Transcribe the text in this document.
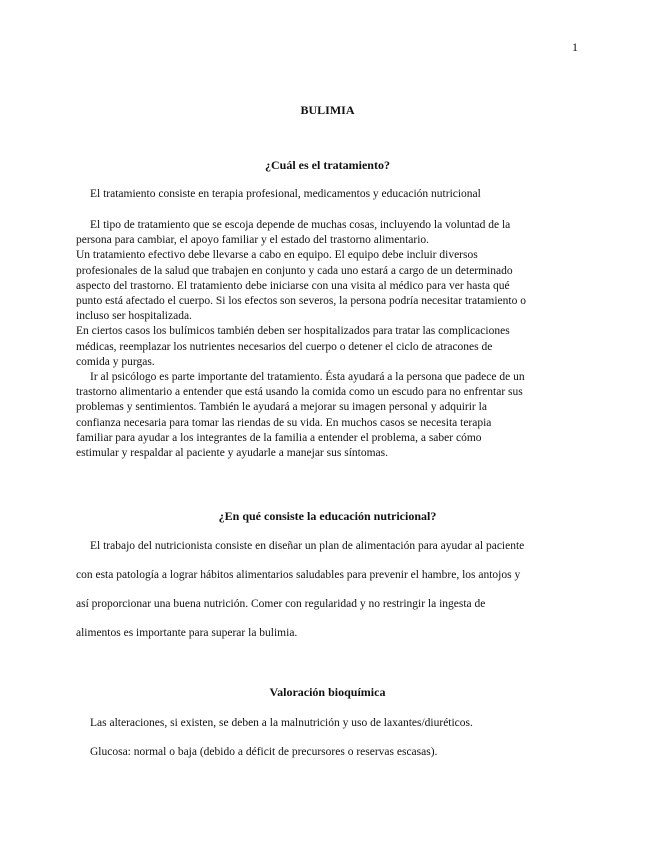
1
BULIMIA
¿Cuál es el tratamiento?

El tratamiento consiste en terapia profesional, medicamentos y educación nutricional

El tipo de tratamiento que se escoja depende de muchas cosas, incluyendo la voluntad de la
persona para cambiar, el apoyo familiar y el estado del trastorno alimentario.
Un tratamiento efectivo debe llevarse a cabo en equipo. El equipo debe incluir diversos
profesionales de la salud que trabajen en conjunto y cada uno estará a cargo de un determinado
aspecto del trastorno. El tratamiento debe iniciarse con una visita al médico para ver hasta qué
punto está afectado el cuerpo. Si los efectos son severos, la persona podría necesitar tratamiento o
incluso ser hospitalizada.
En ciertos casos los bulímicos también deben ser hospitalizados para tratar las complicaciones
médicas, reemplazar los nutrientes necesarios del cuerpo o detener el ciclo de atracones de
comida y purgas.
Ir al psicólogo es parte importante del tratamiento. Ésta ayudará a la persona que padece de un
trastorno alimentario a entender que está usando la comida como un escudo para no enfrentar sus
problemas y sentimientos. También le ayudará a mejorar su imagen personal y adquirir la
confianza necesaria para tomar las riendas de su vida. En muchos casos se necesita terapia
familiar para ayudar a los integrantes de la familia a entender el problema, a saber cómo
estimular y respaldar al paciente y ayudarle a manejar sus síntomas.
¿En qué consiste la educación nutricional?
El trabajo del nutricionista consiste en diseñar un plan de alimentación para ayudar al paciente
con esta patología a lograr hábitos alimentarios saludables para prevenir el hambre, los antojos y
así proporcionar una buena nutrición. Comer con regularidad y no restringir la ingesta de
alimentos es importante para superar la bulimia.
Valoración bioquímica
Las alteraciones, si existen, se deben a la malnutrición y uso de laxantes/diuréticos.
Glucosa: normal o baja (debido a déficit de precursores o reservas escasas).
